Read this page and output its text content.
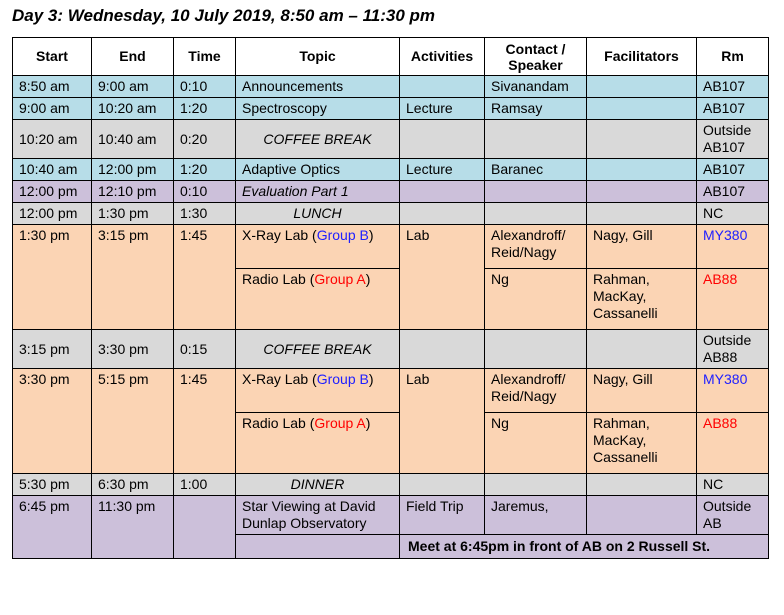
Day 3: Wednesday, 10 July 2019, 8:50 am – 11:30 pm
Start	End	Time	Topic	Activities	Contact /
Speaker	Facilitators	Rm
8:50 am	9:00 am	0:10	Announcements		Sivanandam		AB107
9:00 am	10:20 am	1:20	Spectroscopy	Lecture	Ramsay		AB107
10:20 am	10:40 am	0:20	COFFEE BREAK				Outside
AB107
10:40 am	12:00 pm	1:20	Adaptive Optics	Lecture	Baranec		AB107
12:00 pm	12:10 pm	0:10	Evaluation Part 1				AB107
12:00 pm	1:30 pm	1:30	LUNCH				NC
1:30 pm	3:15 pm	1:45	X-Ray Lab (Group B)	Lab	Alexandroff/
Reid/Nagy	Nagy, Gill	MY380
			Radio Lab (Group A)		Ng	Rahman,
MacKay,
Cassanelli	AB88
3:15 pm	3:30 pm	0:15	COFFEE BREAK				Outside
AB88
3:30 pm	5:15 pm	1:45	X-Ray Lab (Group B)	Lab	Alexandroff/
Reid/Nagy	Nagy, Gill	MY380
			Radio Lab (Group A)		Ng	Rahman,
MacKay,
Cassanelli	AB88
5:30 pm	6:30 pm	1:00	DINNER				NC
6:45 pm	11:30 pm		Star Viewing at David
Dunlap Observatory	Field Trip	Jaremus,		Outside
AB
				Meet at 6:45pm in front of AB on 2 Russell St.			
